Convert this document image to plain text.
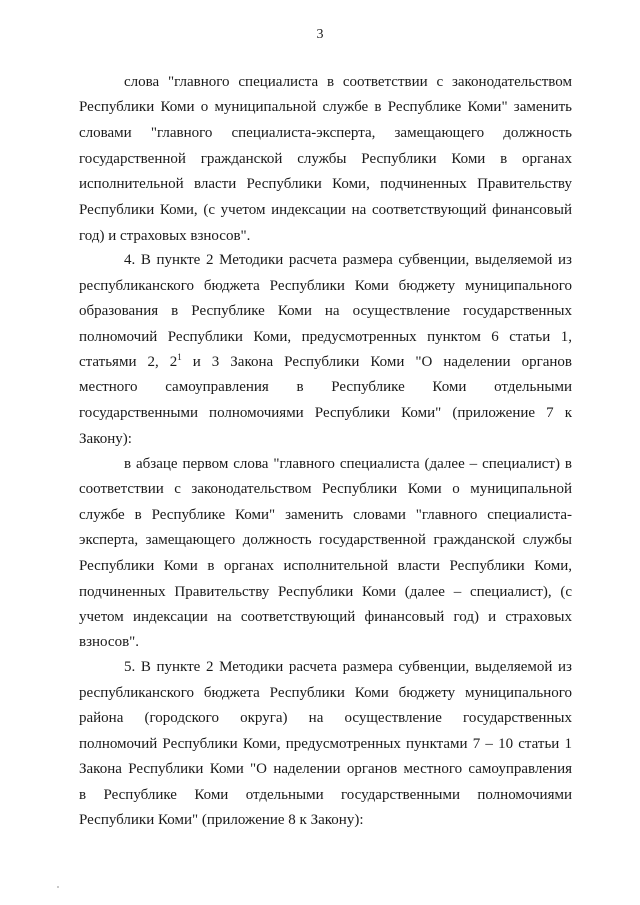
3
слова "главного специалиста в соответствии с законодательством
Республики Коми о муниципальной службе в Республике Коми" заменить
словами "главного специалиста-эксперта, замещающего должность
государственной гражданской службы Республики Коми в органах
исполнительной власти Республики Коми, подчиненных Правительству
Республики Коми, (с учетом индексации на соответствующий финансовый
год) и страховых взносов".
4. В пункте 2 Методики расчета размера субвенции, выделяемой из
республиканского бюджета Республики Коми бюджету муниципального
образования в Республике Коми на осуществление государственных
полномочий Республики Коми, предусмотренных пунктом 6 статьи 1,
статьями 2, $2^1$ и 3 Закона Республики Коми "О наделении органов
местного самоуправления в Республике Коми отдельными
государственными полномочиями Республики Коми" (приложение 7 к
Закону):
в абзаце первом слова "главного специалиста (далее – специалист) в
соответствии с законодательством Республики Коми о муниципальной
службе в Республике Коми" заменить словами "главного специалиста-
эксперта, замещающего должность государственной гражданской службы
Республики Коми в органах исполнительной власти Республики Коми,
подчиненных Правительству Республики Коми (далее – специалист), (с
учетом индексации на соответствующий финансовый год) и страховых
взносов".
5. В пункте 2 Методики расчета размера субвенции, выделяемой из
республиканского бюджета Республики Коми бюджету муниципального
района (городского округа) на осуществление государственных
полномочий Республики Коми, предусмотренных пунктами 7 – 10 статьи 1
Закона Республики Коми "О наделении органов местного самоуправления
в Республике Коми отдельными государственными полномочиями
Республики Коми" (приложение 8 к Закону):
